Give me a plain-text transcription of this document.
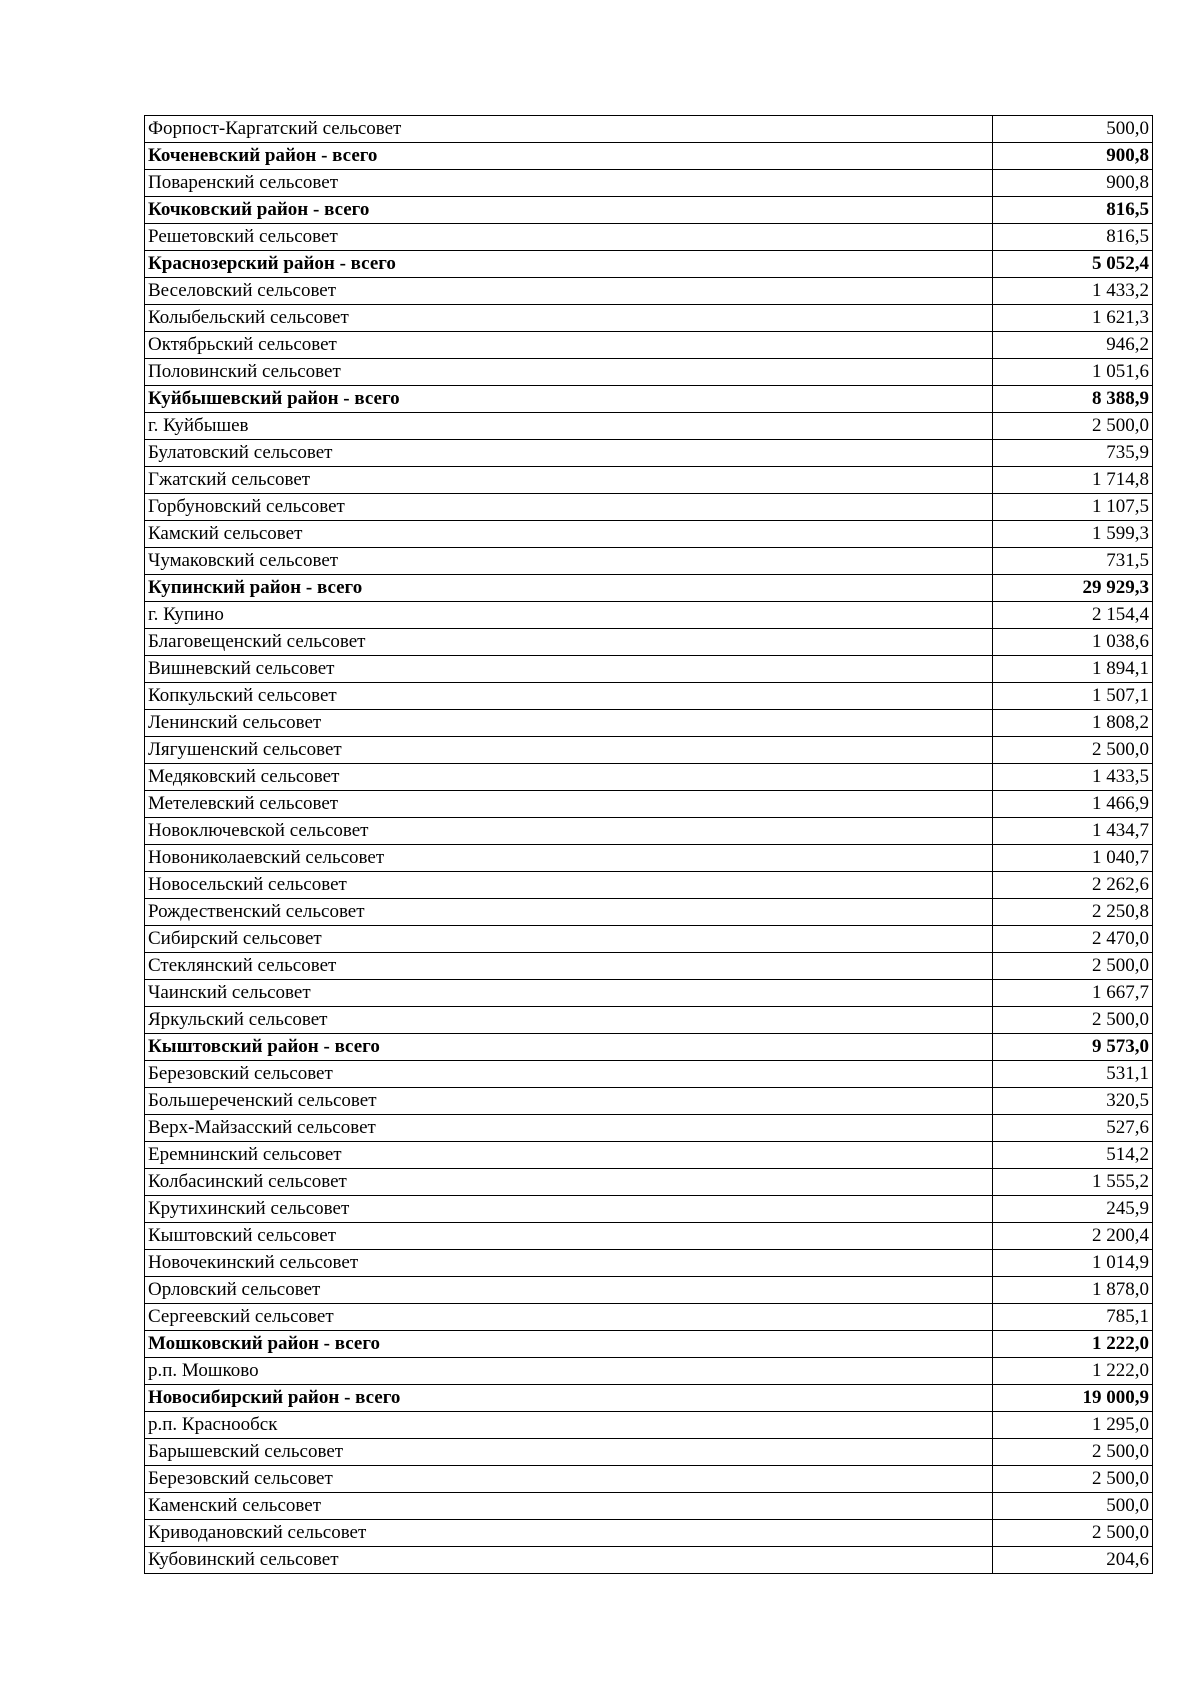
Форпост-Каргатский сельсовет	500,0
Коченевский район - всего	900,8
Поваренский сельсовет	900,8
Кочковский район - всего	816,5
Решетовский сельсовет	816,5
Краснозерский район - всего	5 052,4
Веселовский сельсовет	1 433,2
Колыбельский сельсовет	1 621,3
Октябрьский сельсовет	946,2
Половинский сельсовет	1 051,6
Куйбышевский район - всего	8 388,9
г. Куйбышев	2 500,0
Булатовский сельсовет	735,9
Гжатский сельсовет	1 714,8
Горбуновский сельсовет	1 107,5
Камский сельсовет	1 599,3
Чумаковский сельсовет	731,5
Купинский район - всего	29 929,3
г. Купино	2 154,4
Благовещенский сельсовет	1 038,6
Вишневский сельсовет	1 894,1
Копкульский сельсовет	1 507,1
Ленинский сельсовет	1 808,2
Лягушенский сельсовет	2 500,0
Медяковский сельсовет	1 433,5
Метелевский сельсовет	1 466,9
Новоключевской сельсовет	1 434,7
Новониколаевский сельсовет	1 040,7
Новосельский сельсовет	2 262,6
Рождественский сельсовет	2 250,8
Сибирский сельсовет	2 470,0
Стеклянский сельсовет	2 500,0
Чаинский сельсовет	1 667,7
Яркульский сельсовет	2 500,0
Кыштовский район - всего	9 573,0
Березовский сельсовет	531,1
Большереченский сельсовет	320,5
Верх-Майзасский сельсовет	527,6
Еремнинский сельсовет	514,2
Колбасинский сельсовет	1 555,2
Крутихинский сельсовет	245,9
Кыштовский сельсовет	2 200,4
Новочекинский сельсовет	1 014,9
Орловский сельсовет	1 878,0
Сергеевский сельсовет	785,1
Мошковский район - всего	1 222,0
р.п. Мошково	1 222,0
Новосибирский район - всего	19 000,9
р.п. Краснообск	1 295,0
Барышевский сельсовет	2 500,0
Березовский сельсовет	2 500,0
Каменский сельсовет	500,0
Криводановский сельсовет	2 500,0
Кубовинский сельсовет	204,6
